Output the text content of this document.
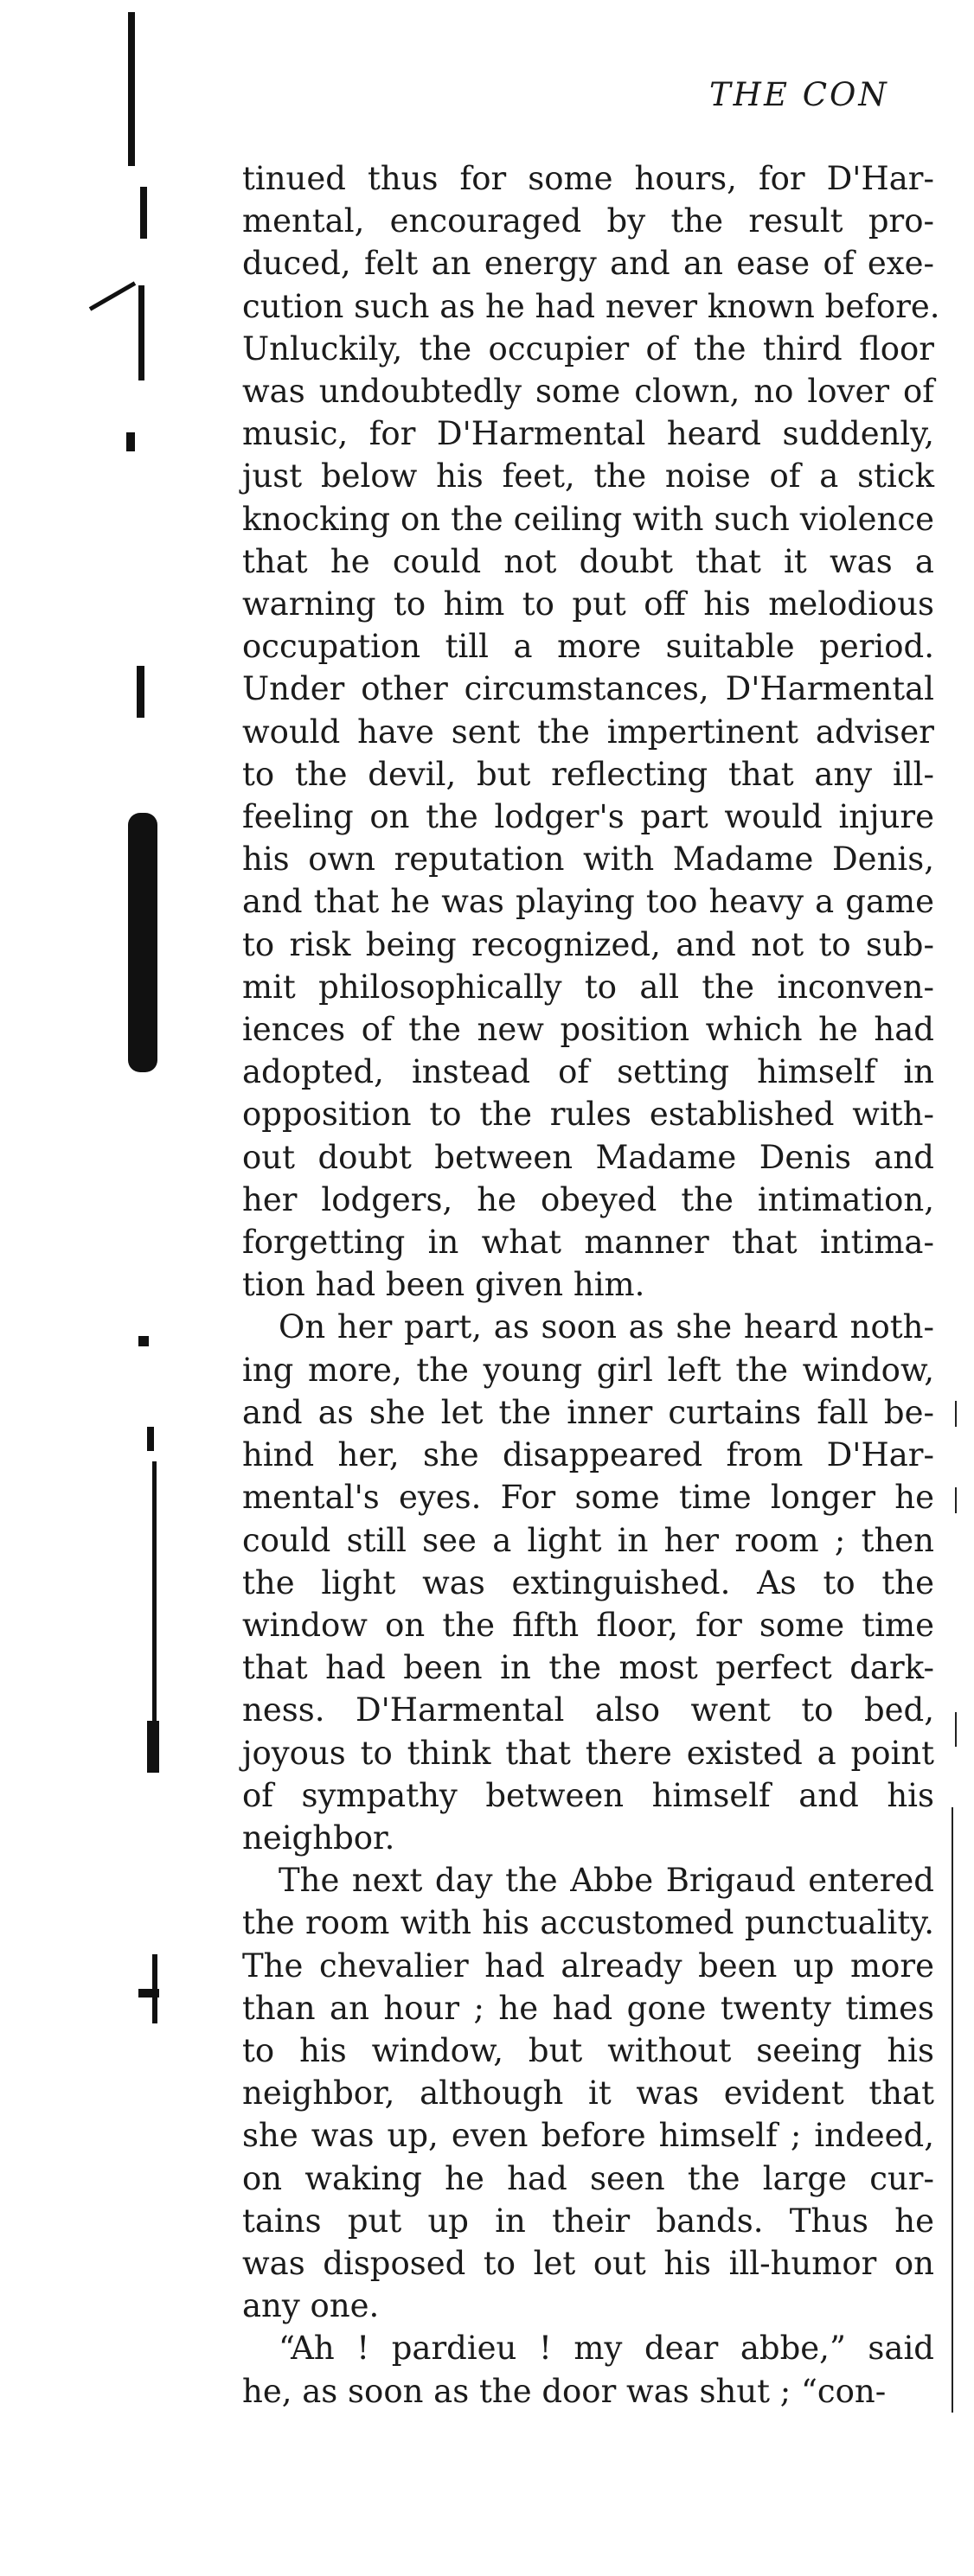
THE CON

tinued thus for some hours, for D'Har-
mental, encouraged by the result pro-
duced, felt an energy and an ease of exe-
cution such as he had never known before.
Unluckily, the occupier of the third floor
was undoubtedly some clown, no lover of
music, for D'Harmental heard suddenly,
just below his feet, the noise of a stick
knocking on the ceiling with such violence
that he could not doubt that it was a
warning to him to put off his melodious
occupation till a more suitable period.
Under other circumstances, D'Harmental
would have sent the impertinent adviser
to the devil, but reflecting that any ill-
feeling on the lodger's part would injure
his own reputation with Madame Denis,
and that he was playing too heavy a game
to risk being recognized, and not to sub-
mit philosophically to all the inconven-
iences of the new position which he had
adopted, instead of setting himself in
opposition to the rules established with-
out doubt between Madame Denis and
her lodgers, he obeyed the intimation,
forgetting in what manner that intima-
tion had been given him.

On her part, as soon as she heard noth-
ing more, the young girl left the window,
and as she let the inner curtains fall be-
hind her, she disappeared from D'Har-
mental's eyes. For some time longer he
could still see a light in her room ; then
the light was extinguished. As to the
window on the fifth floor, for some time
that had been in the most perfect dark-
ness. D'Harmental also went to bed,
joyous to think that there existed a point
of sympathy between himself and his
neighbor.

The next day the Abbe Brigaud entered
the room with his accustomed punctuality.
The chevalier had already been up more
than an hour ; he had gone twenty times
to his window, but without seeing his
neighbor, although it was evident that
she was up, even before himself ; indeed,
on waking he had seen the large cur-
tains put up in their bands. Thus he
was disposed to let out his ill-humor on
any one.

“Ah ! pardieu ! my dear abbe,” said
he, as soon as the door was shut ; “con-
